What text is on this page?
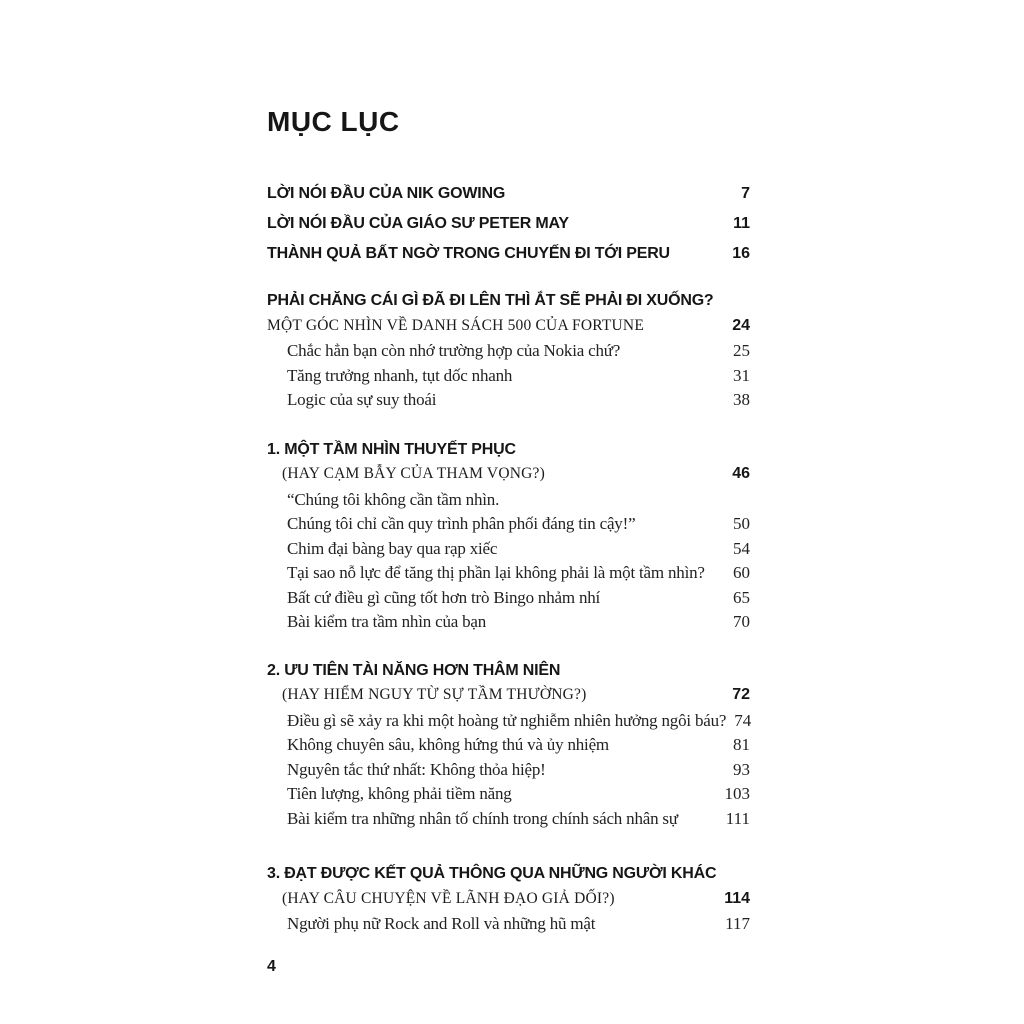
MỤC LỤC
LỜI NÓI ĐẦU CỦA NIK GOWING	7
LỜI NÓI ĐẦU CỦA GIÁO SƯ PETER MAY	11
THÀNH QUẢ BẤT NGỜ TRONG CHUYẾN ĐI TỚI PERU	16
PHẢI CHĂNG CÁI GÌ ĐÃ ĐI LÊN THÌ ẮT SẼ PHẢI ĐI XUỐNG?
MỘT GÓC NHÌN VỀ DANH SÁCH 500 CỦA FORTUNE	24
Chắc hẳn bạn còn nhớ trường hợp của Nokia chứ?	25
Tăng trưởng nhanh, tụt dốc nhanh	31
Logic của sự suy thoái	38
1. MỘT TẦM NHÌN THUYẾT PHỤC
(HAY CẠM BẪY CỦA THAM VỌNG?)	46
“Chúng tôi không cần tầm nhìn.
Chúng tôi chỉ cần quy trình phân phối đáng tin cậy!”	50
Chim đại bàng bay qua rạp xiếc	54
Tại sao nỗ lực để tăng thị phần lại không phải là một tầm nhìn? 60
Bất cứ điều gì cũng tốt hơn trò Bingo nhảm nhí	65
Bài kiểm tra tầm nhìn của bạn	70
2. ƯU TIÊN TÀI NĂNG HƠN THÂM NIÊN
(HAY HIỂM NGUY TỪ SỰ TẦM THƯỜNG?)	72
Điều gì sẽ xảy ra khi một hoàng tử nghiễm nhiên hưởng ngôi báu? 74
Không chuyên sâu, không hứng thú và ủy nhiệm	81
Nguyên tắc thứ nhất: Không thỏa hiệp!	93
Tiên lượng, không phải tiềm năng	103
Bài kiểm tra những nhân tố chính trong chính sách nhân sự	111
3. ĐẠT ĐƯỢC KẾT QUẢ THÔNG QUA NHỮNG NGƯỜI KHÁC
(HAY CÂU CHUYỆN VỀ LÃNH ĐẠO GIẢ DỐI?)	114
Người phụ nữ Rock and Roll và những hũ mật	117
4
